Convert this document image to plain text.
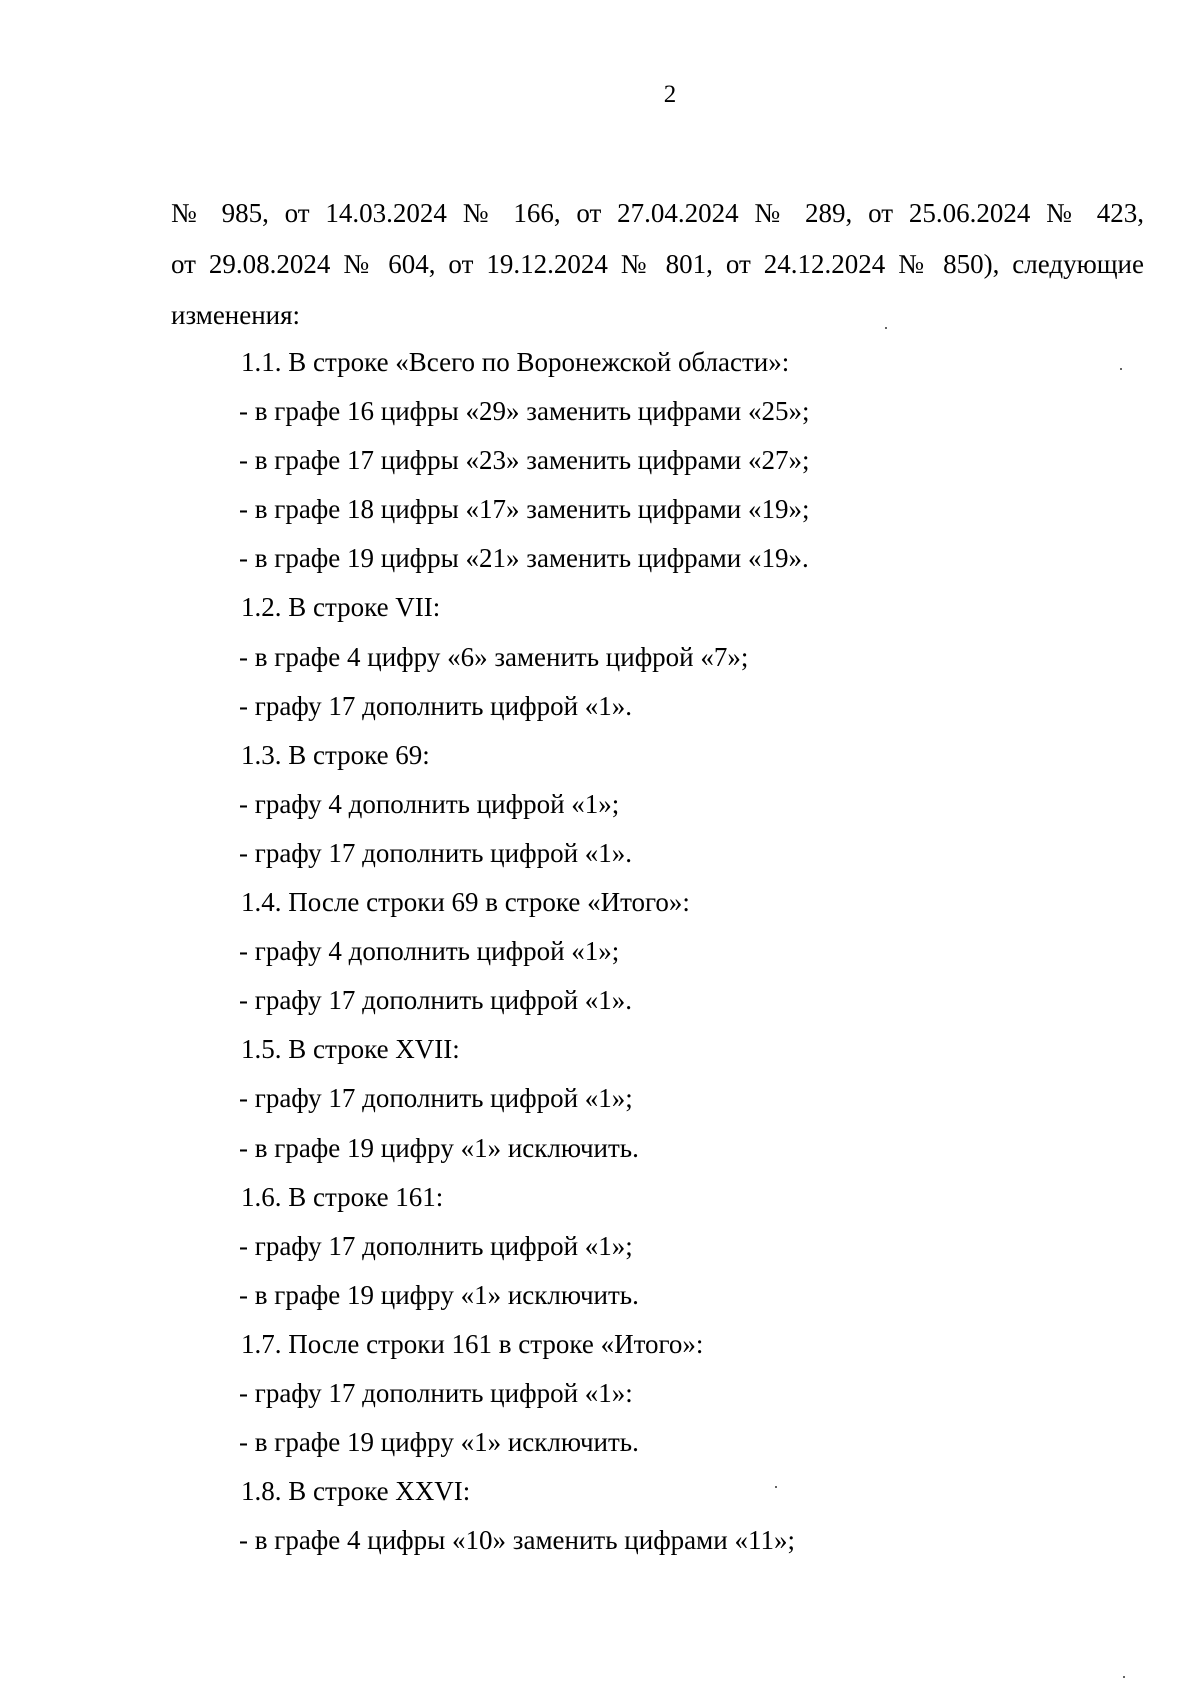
2
№ 985, от 14.03.2024 № 166, от 27.04.2024 № 289, от 25.06.2024 № 423,
от 29.08.2024 № 604, от 19.12.2024 № 801, от 24.12.2024 № 850), следующие
изменения:
1.1. В строке «Всего по Воронежской области»:
- в графе 16 цифры «29» заменить цифрами «25»;
- в графе 17 цифры «23» заменить цифрами «27»;
- в графе 18 цифры «17» заменить цифрами «19»;
- в графе 19 цифры «21» заменить цифрами «19».
1.2. В строке VII:
- в графе 4 цифру «6» заменить цифрой «7»;
- графу 17 дополнить цифрой «1».
1.3. В строке 69:
- графу 4 дополнить цифрой «1»;
- графу 17 дополнить цифрой «1».
1.4. После строки 69 в строке «Итого»:
- графу 4 дополнить цифрой «1»;
- графу 17 дополнить цифрой «1».
1.5. В строке XVII:
- графу 17 дополнить цифрой «1»;
- в графе 19 цифру «1» исключить.
1.6. В строке 161:
- графу 17 дополнить цифрой «1»;
- в графе 19 цифру «1» исключить.
1.7. После строки 161 в строке «Итого»:
- графу 17 дополнить цифрой «1»:
- в графе 19 цифру «1» исключить.
1.8. В строке XXVI:
- в графе 4 цифры «10» заменить цифрами «11»;
